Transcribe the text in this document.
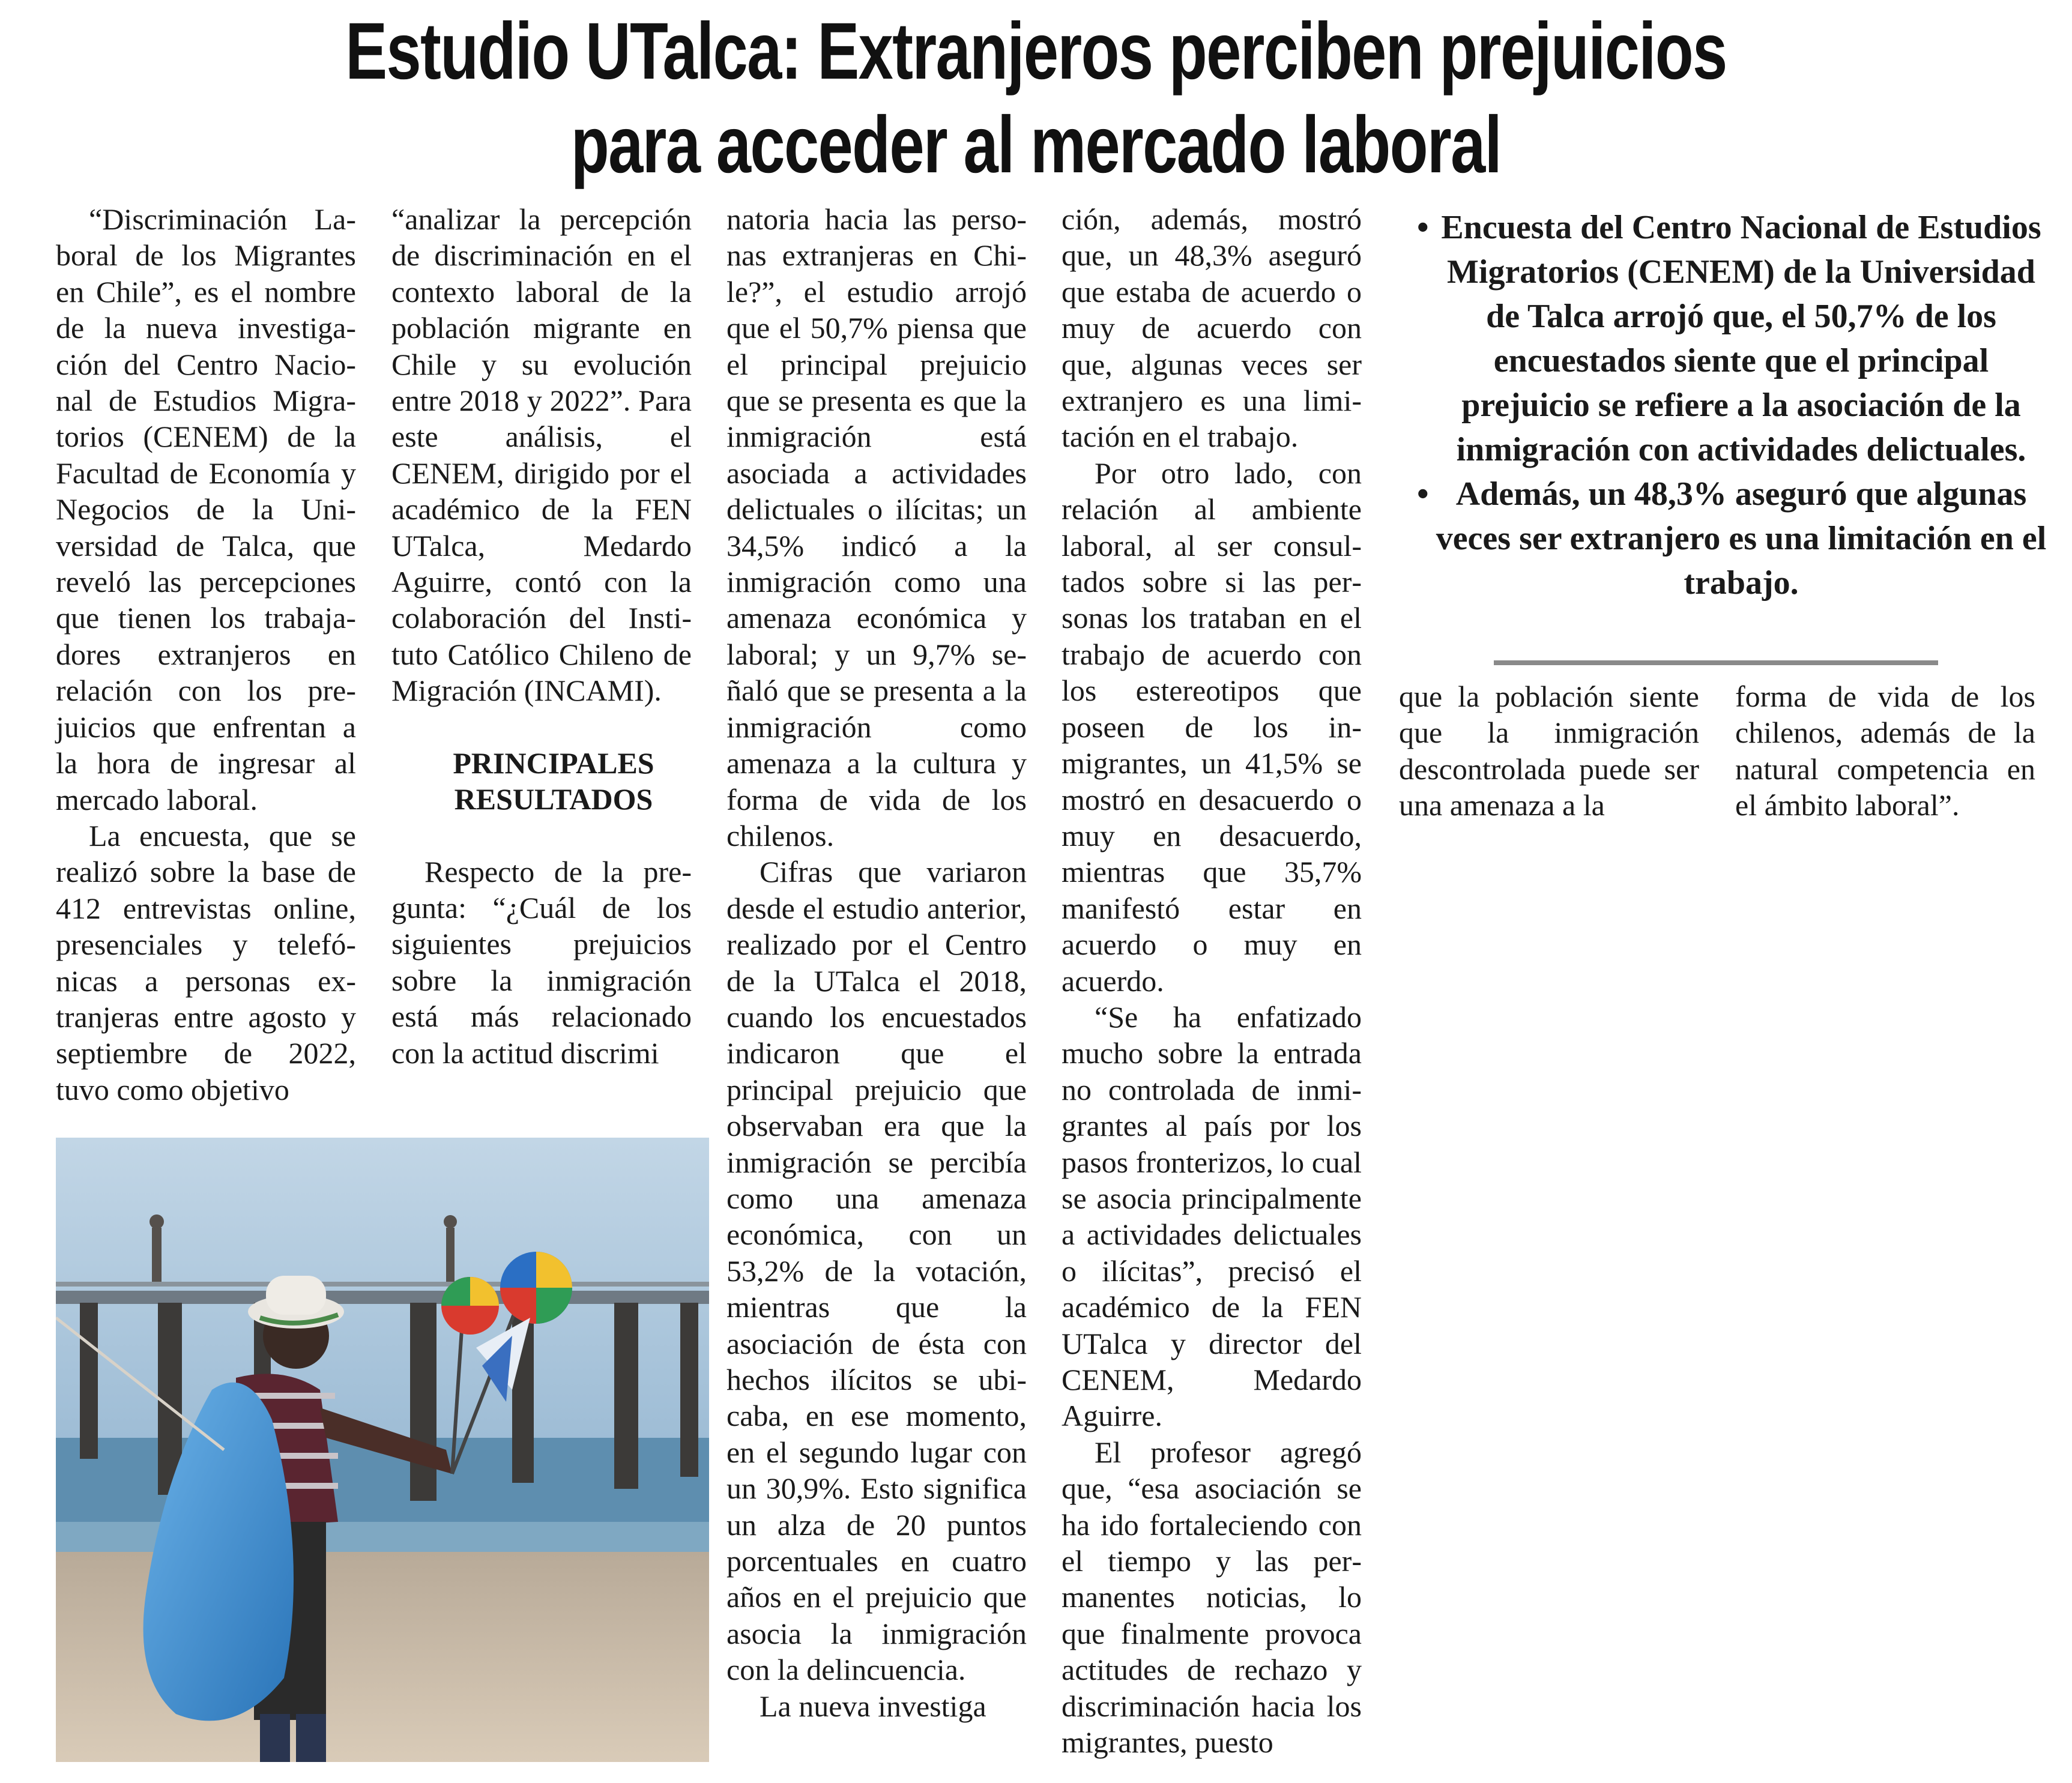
Estudio UTalca: Extranjeros perciben prejuicios
para acceder al mercado laboral

“Discriminación Laboral de los Migrantes en Chile”, es el nombre de la nueva investigación del Centro Nacional de Estudios Migratorios (CENEM) de la Facultad de Economía y Negocios de la Universidad de Talca, que reveló las percepciones que tienen los trabajadores extranjeros en relación con los prejuicios que enfrentan a la hora de ingresar al mercado laboral.

La encuesta, que se realizó sobre la base de 412 entrevistas online, presenciales y telefónicas a personas extranjeras entre agosto y septiembre de 2022, tuvo como objetivo

“analizar la percepción de discriminación en el contexto laboral de la población migrante en Chile y su evolución entre 2018 y 2022”. Para este análisis, el CENEM, dirigido por el académico de la FEN UTalca, Medardo Aguirre, contó con la colaboración del Instituto Católico Chileno de Migración (INCAMI).

PRINCIPALES RESULTADOS

Respecto de la pregunta: “¿Cuál de los siguientes prejuicios sobre la inmigración está más relacionado con la actitud discrimi

natoria hacia las personas extranjeras en Chile?”, el estudio arrojó que el 50,7% piensa que el principal prejuicio que se presenta es que la inmigración está asociada a actividades delictuales o ilícitas; un 34,5% indicó a la inmigración como una amenaza económica y laboral; y un 9,7% señaló que se presenta a la inmigración como amenaza a la cultura y forma de vida de los chilenos.

Cifras que variaron desde el estudio anterior, realizado por el Centro de la UTalca el 2018, cuando los encuestados indicaron que el principal prejuicio que observaban era que la inmigración se percibía como una amenaza económica, con un 53,2% de la votación, mientras que la asociación de ésta con hechos ilícitos se ubicaba, en ese momento, en el segundo lugar con un 30,9%. Esto significa un alza de 20 puntos porcentuales en cuatro años en el prejuicio que asocia la inmigración con la delincuencia.

La nueva investiga

ción, además, mostró que, un 48,3% aseguró que estaba de acuerdo o muy de acuerdo con que, algunas veces ser extranjero es una limitación en el trabajo.

Por otro lado, con relación al ambiente laboral, al ser consultados sobre si las personas los trataban en el trabajo de acuerdo con los estereotipos que poseen de los inmigrantes, un 41,5% se mostró en desacuerdo o muy en desacuerdo, mientras que 35,7% manifestó estar en acuerdo o muy en acuerdo.

“Se ha enfatizado mucho sobre la entrada no controlada de inmigrantes al país por los pasos fronterizos, lo cual se asocia principalmente a actividades delictuales o ilícitas”, precisó el académico de la FEN UTalca y director del CENEM, Medardo Aguirre.

El profesor agregó que, “esa asociación se ha ido fortaleciendo con el tiempo y las permanentes noticias, lo que finalmente provoca actitudes de rechazo y discriminación hacia los migrantes, puesto

• Encuesta del Centro Nacional de Estudios Migratorios (CENEM) de la Universidad de Talca arrojó que, el 50,7% de los encuestados siente que el principal prejuicio se refiere a la asociación de la inmigración con actividades delictuales.
• Además, un 48,3% aseguró que algunas veces ser extranjero es una limitación en el trabajo.

que la población siente que la inmigración descontrolada puede ser una amenaza a la

forma de vida de los chilenos, además de la natural competencia en el ámbito laboral”.
